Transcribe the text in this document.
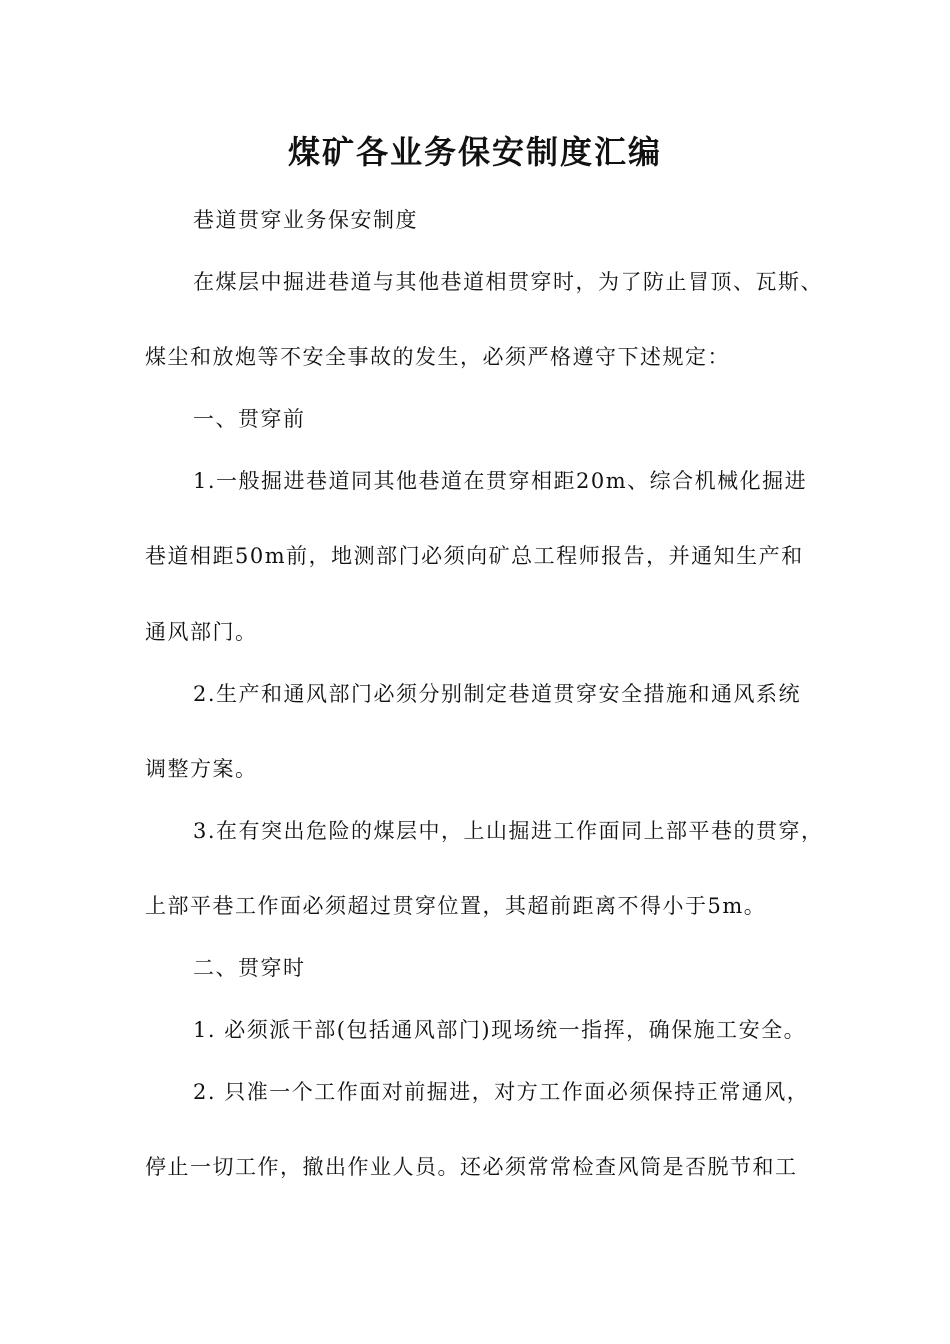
煤矿各业务保安制度汇编
巷道贯穿业务保安制度
在煤层中掘进巷道与其他巷道相贯穿时，为了防止冒顶、瓦斯、
煤尘和放炮等不安全事故的发生，必须严格遵守下述规定：
一、贯穿前
1.一般掘进巷道同其他巷道在贯穿相距20m、综合机械化掘进
巷道相距50m前，地测部门必须向矿总工程师报告，并通知生产和
通风部门。
2.生产和通风部门必须分别制定巷道贯穿安全措施和通风系统
调整方案。
3.在有突出危险的煤层中，上山掘进工作面同上部平巷的贯穿，
上部平巷工作面必须超过贯穿位置，其超前距离不得小于5m。
二、贯穿时
1. 必须派干部(包括通风部门)现场统一指挥，确保施工安全。
2. 只准一个工作面对前掘进，对方工作面必须保持正常通风，
停止一切工作，撤出作业人员。还必须常常检查风筒是否脱节和工
